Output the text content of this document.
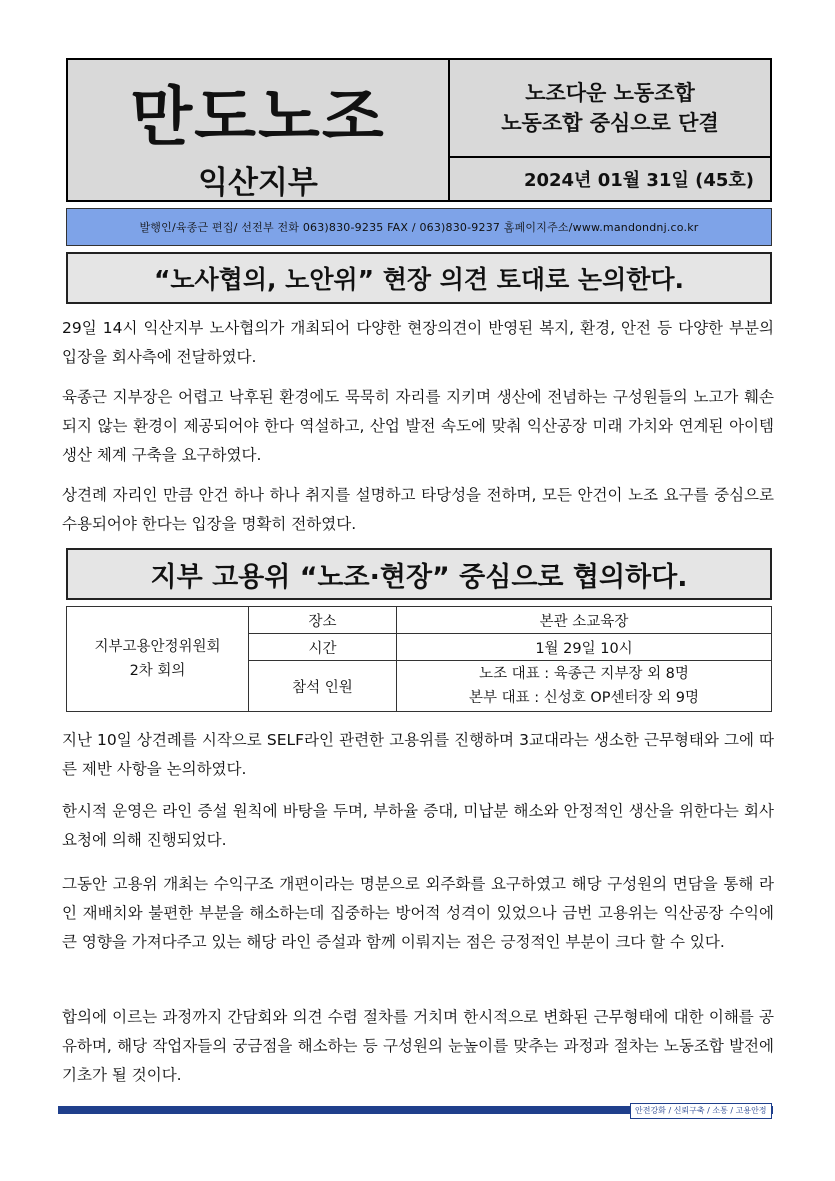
만도노조
익산지부
노조다운 노동조합
노동조합 중심으로 단결
2024년 01월 31일 (45호)
발행인/육종근 편집/ 선전부 전화 063)830-9235 FAX / 063)830-9237 홈페이지주소/www.mandondnj.co.kr
“노사협의, 노안위” 현장 의견 토대로 논의한다.
29일 14시 익산지부 노사협의가 개최되어 다양한 현장의견이 반영된 복지, 환경, 안전 등 다양한 부분의 입장을 회사측에 전달하였다.
육종근 지부장은 어렵고 낙후된 환경에도 묵묵히 자리를 지키며 생산에 전념하는 구성원들의 노고가 훼손되지 않는 환경이 제공되어야 한다 역설하고, 산업 발전 속도에 맞춰 익산공장 미래 가치와 연계된 아이템 생산 체계 구축을 요구하였다.
상견례 자리인 만큼 안건 하나 하나 취지를 설명하고 타당성을 전하며, 모든 안건이 노조 요구를 중심으로 수용되어야 한다는 입장을 명확히 전하였다.
지부 고용위 “노조·현장” 중심으로 협의하다.
지부고용안정위원회
2차 회의	장소	본관 소교육장
	시간	1월 29일 10시
	참석 인원	노조 대표 : 육종근 지부장 외 8명
본부 대표 : 신성호 OP센터장 외 9명
지난 10일 상견례를 시작으로 SELF라인 관련한 고용위를 진행하며 3교대라는 생소한 근무형태와 그에 따른 제반 사항을 논의하였다.
한시적 운영은 라인 증설 원칙에 바탕을 두며, 부하율 증대, 미납분 해소와 안정적인 생산을 위한다는 회사 요청에 의해 진행되었다.
그동안 고용위 개최는 수익구조 개편이라는 명분으로 외주화를 요구하였고 해당 구성원의 면담을 통해 라인 재배치와 불편한 부분을 해소하는데 집중하는 방어적 성격이 있었으나 금번 고용위는 익산공장 수익에 큰 영향을 가져다주고 있는 해당 라인 증설과 함께 이뤄지는 점은 긍정적인 부분이 크다 할 수 있다.
합의에 이르는 과정까지 간담회와 의견 수렴 절차를 거치며 한시적으로 변화된 근무형태에 대한 이해를 공유하며, 해당 작업자들의 궁금점을 해소하는 등 구성원의 눈높이를 맞추는 과정과 절차는 노동조합 발전에 기초가 될 것이다.
안전강화 / 신뢰구축 / 소통 / 고용안정
